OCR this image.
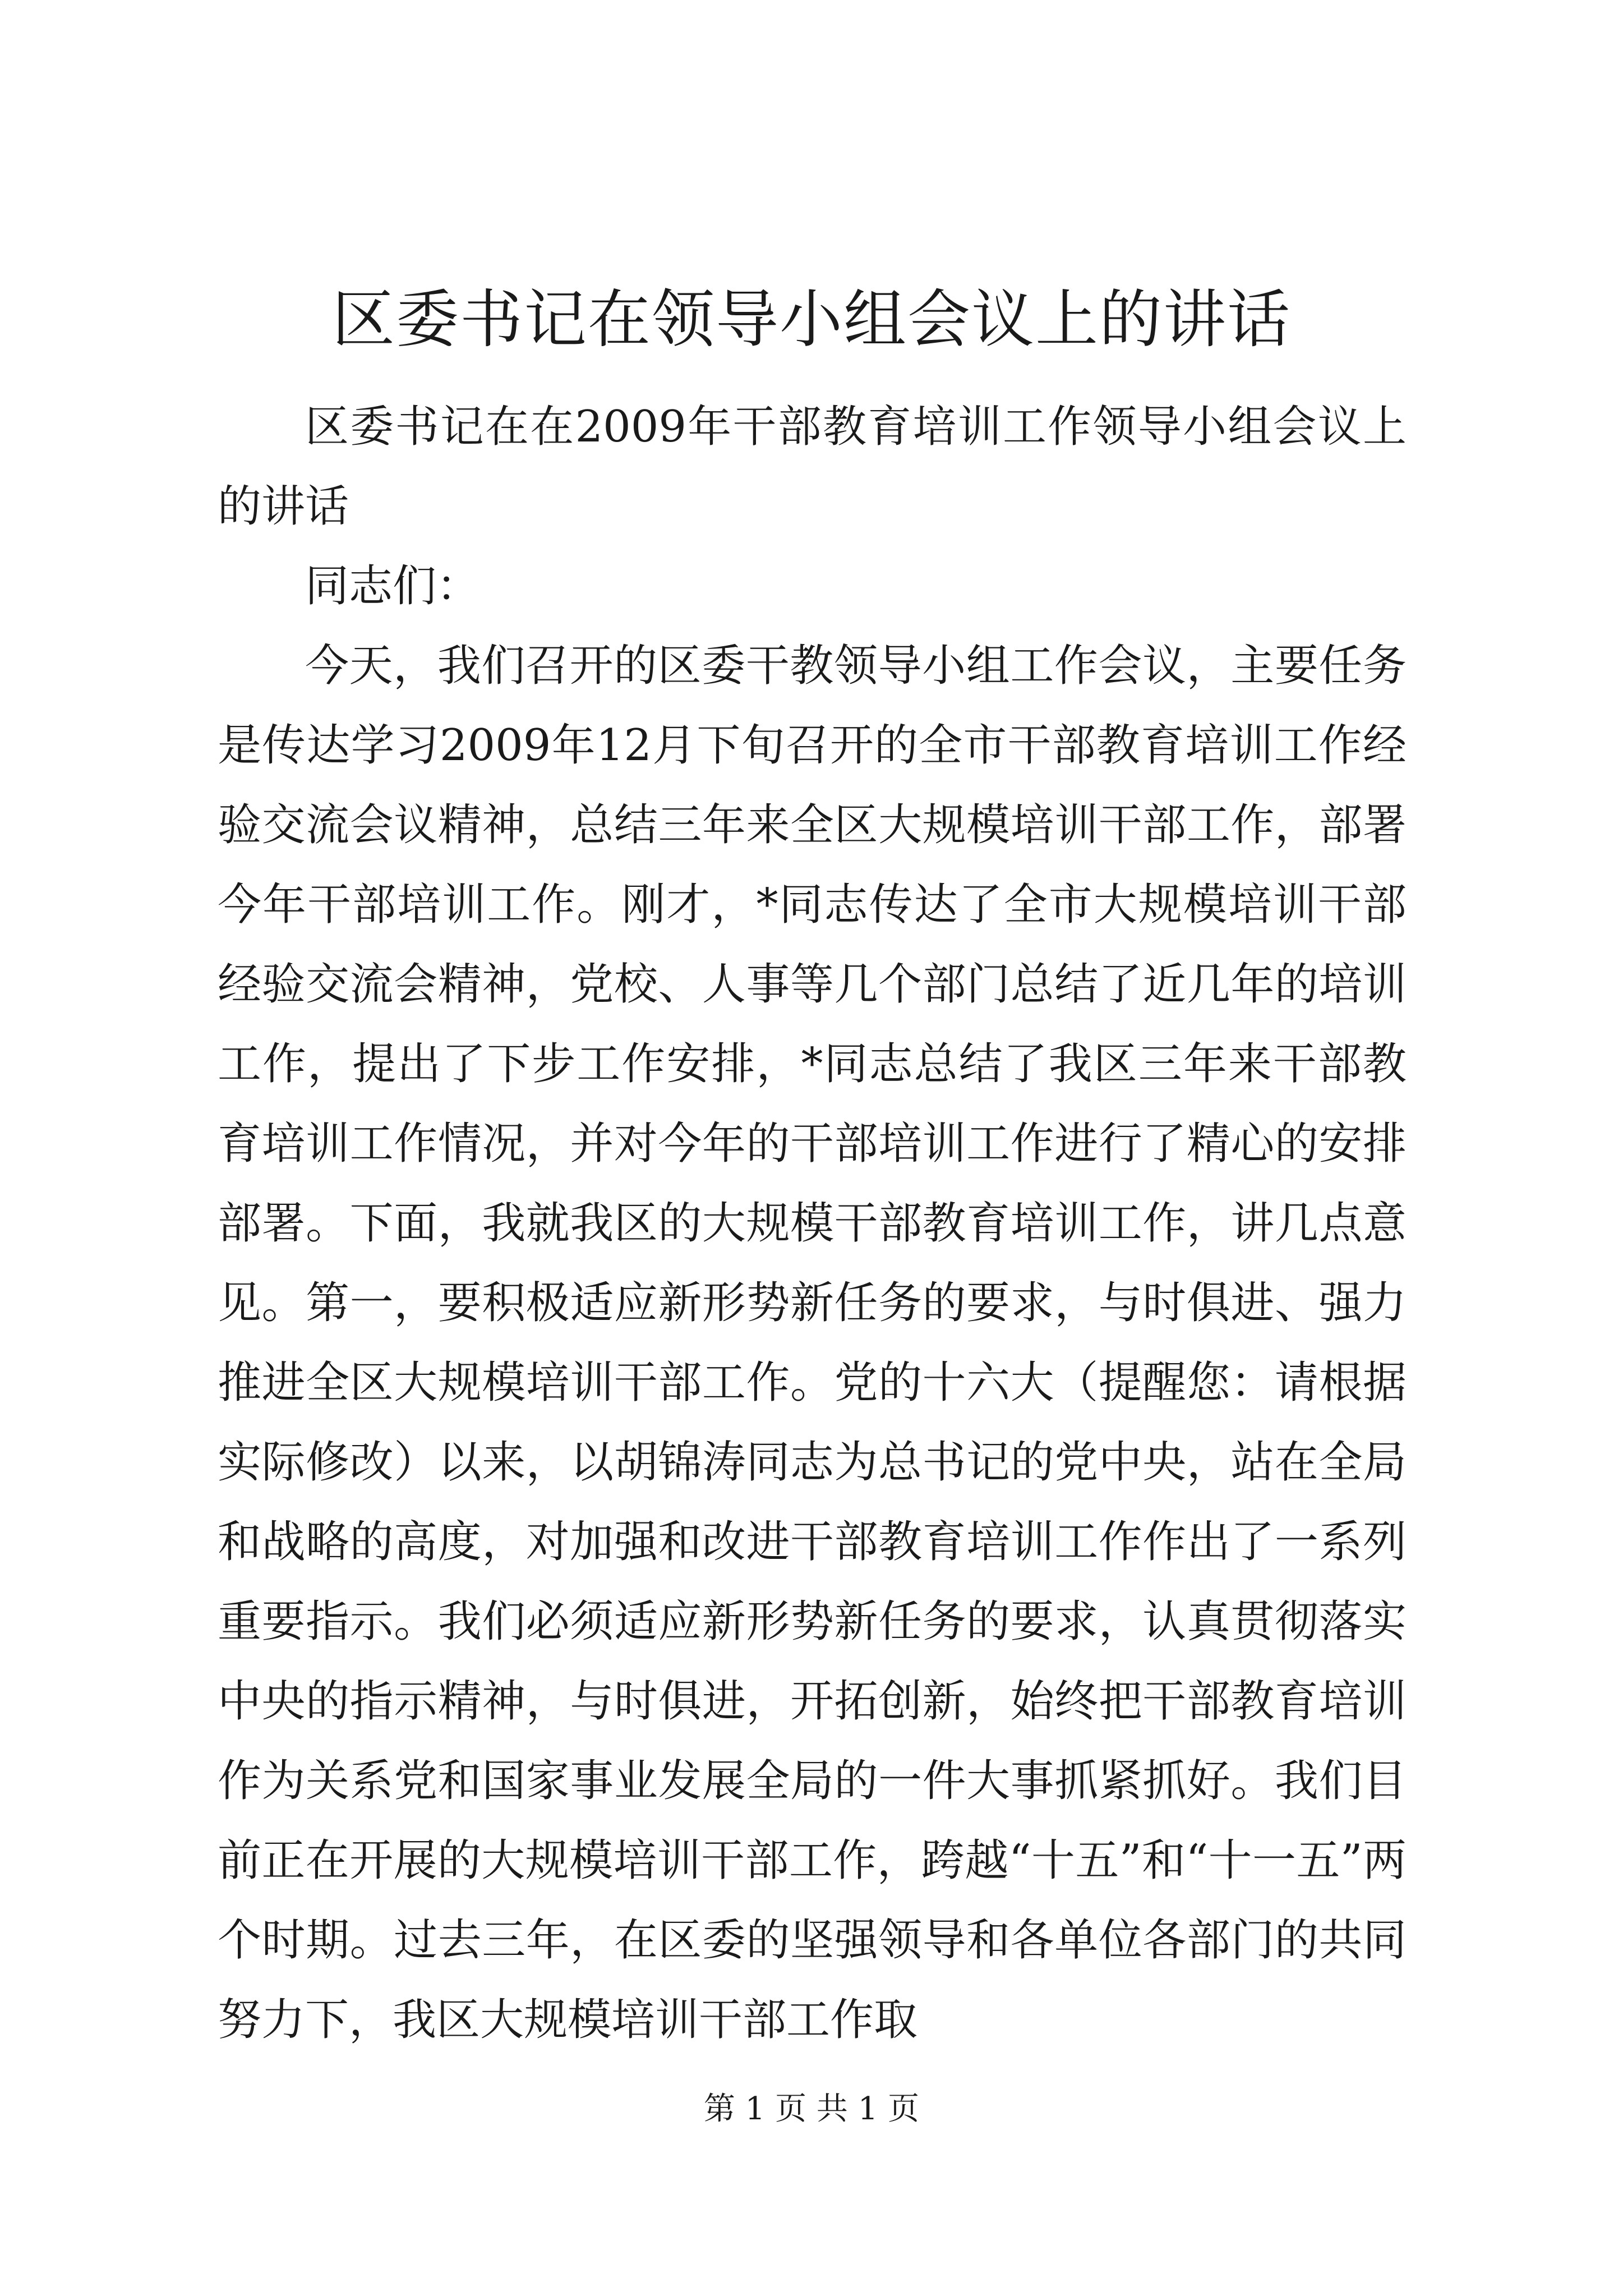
区委书记在领导小组会议上的讲话

区委书记在在2009年干部教育培训工作领导小组会议上的讲话

同志们：

今天，我们召开的区委干教领导小组工作会议，主要任务是传达学习2009年12月下旬召开的全市干部教育培训工作经验交流会议精神，总结三年来全区大规模培训干部工作，部署今年干部培训工作。刚才，*同志传达了全市大规模培训干部经验交流会精神，党校、人事等几个部门总结了近几年的培训工作，提出了下步工作安排，*同志总结了我区三年来干部教育培训工作情况，并对今年的干部培训工作进行了精心的安排部署。下面，我就我区的大规模干部教育培训工作，讲几点意见。第一，要积极适应新形势新任务的要求，与时俱进、强力推进全区大规模培训干部工作。党的十六大（提醒您：请根据实际修改）以来，以胡锦涛同志为总书记的党中央，站在全局和战略的高度，对加强和改进干部教育培训工作作出了一系列重要指示。我们必须适应新形势新任务的要求，认真贯彻落实中央的指示精神，与时俱进，开拓创新，始终把干部教育培训作为关系党和国家事业发展全局的一件大事抓紧抓好。我们目前正在开展的大规模培训干部工作，跨越“十五”和“十一五”两个时期。过去三年，在区委的坚强领导和各单位各部门的共同努力下，我区大规模培训干部工作取

第 1 页 共 1 页
